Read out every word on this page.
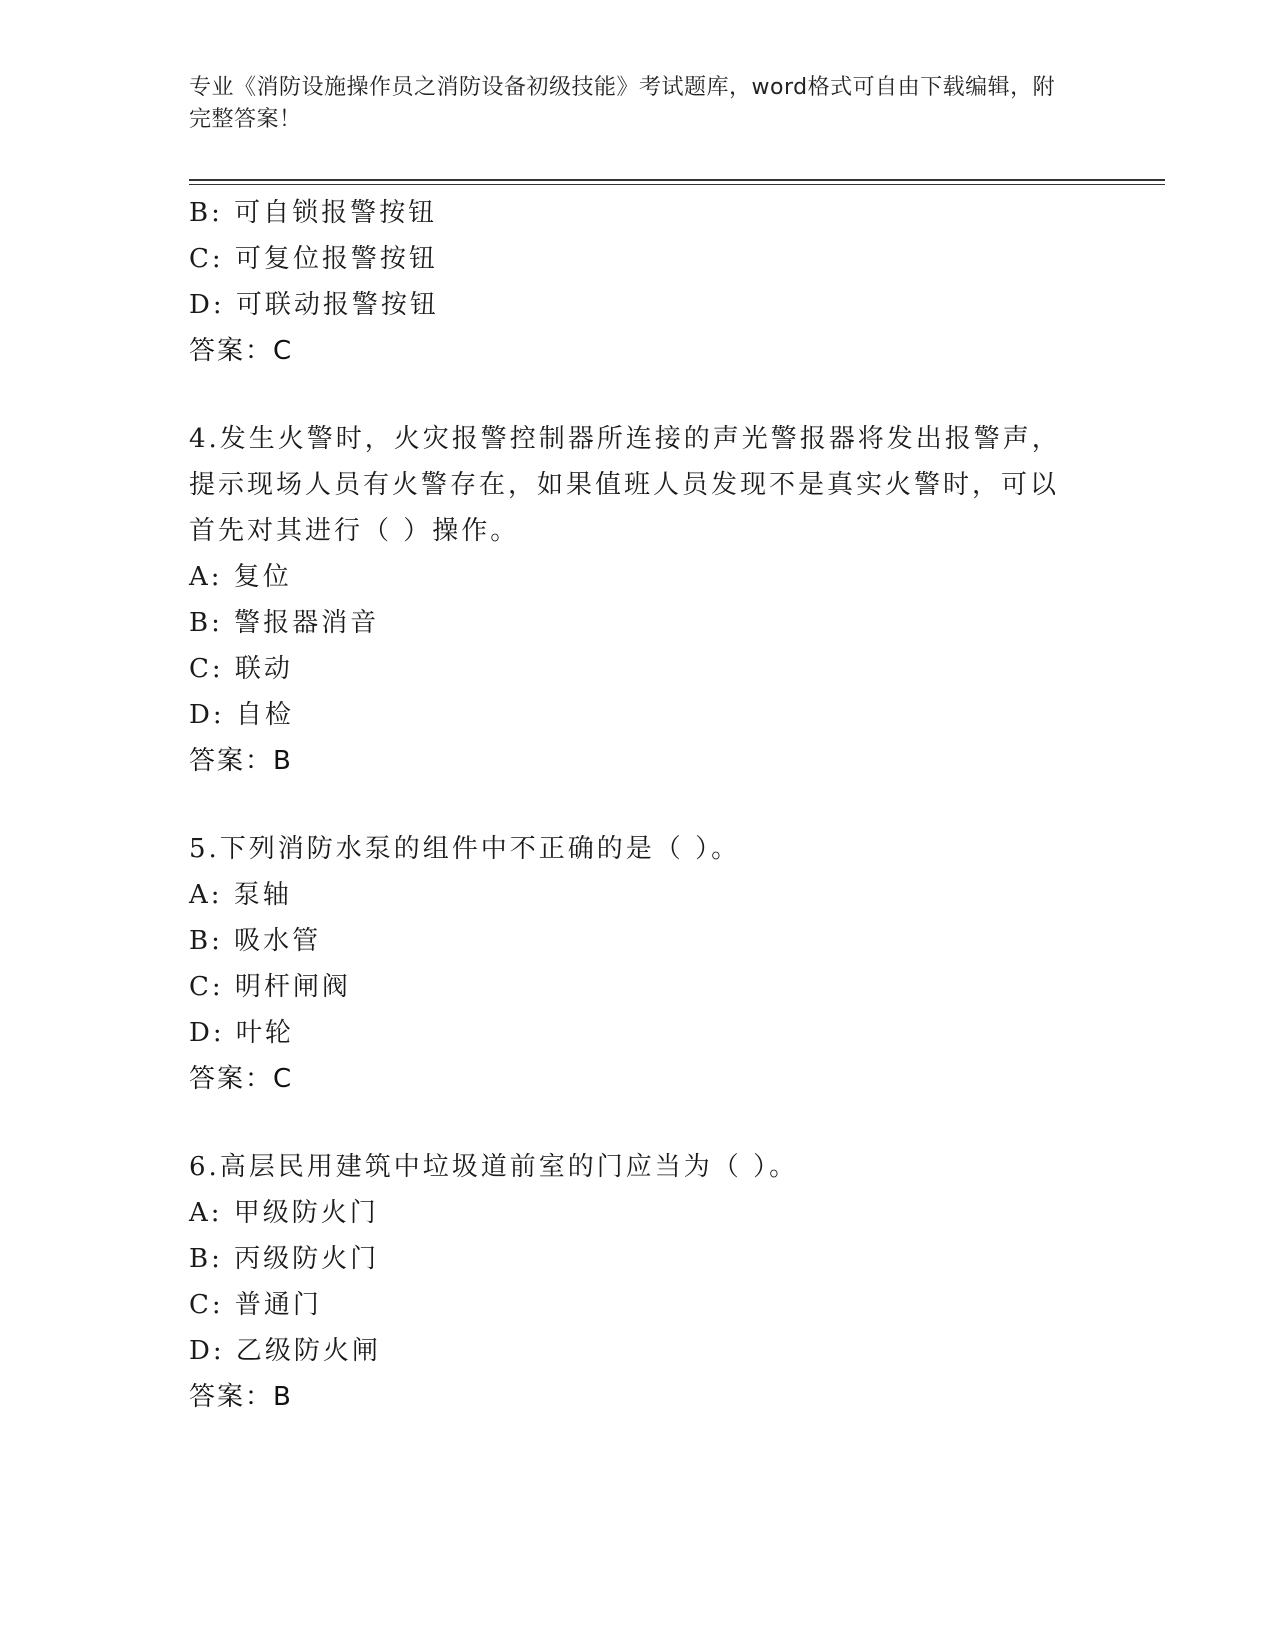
专业《消防设施操作员之消防设备初级技能》考试题库，word格式可自由下载编辑，附完整答案！

B: 可自锁报警按钮

C: 可复位报警按钮

D: 可联动报警按钮

答案：C

4.发生火警时，火灾报警控制器所连接的声光警报器将发出报警声，

提示现场人员有火警存在，如果值班人员发现不是真实火警时，可以

首先对其进行（ ）操作。

A: 复位

B: 警报器消音

C: 联动

D: 自检

答案：B

5.下列消防水泵的组件中不正确的是（ ）。

A: 泵轴

B: 吸水管

C: 明杆闸阀

D: 叶轮

答案：C

6.高层民用建筑中垃圾道前室的门应当为（ ）。

A: 甲级防火门

B: 丙级防火门

C: 普通门

D: 乙级防火闸

答案：B
